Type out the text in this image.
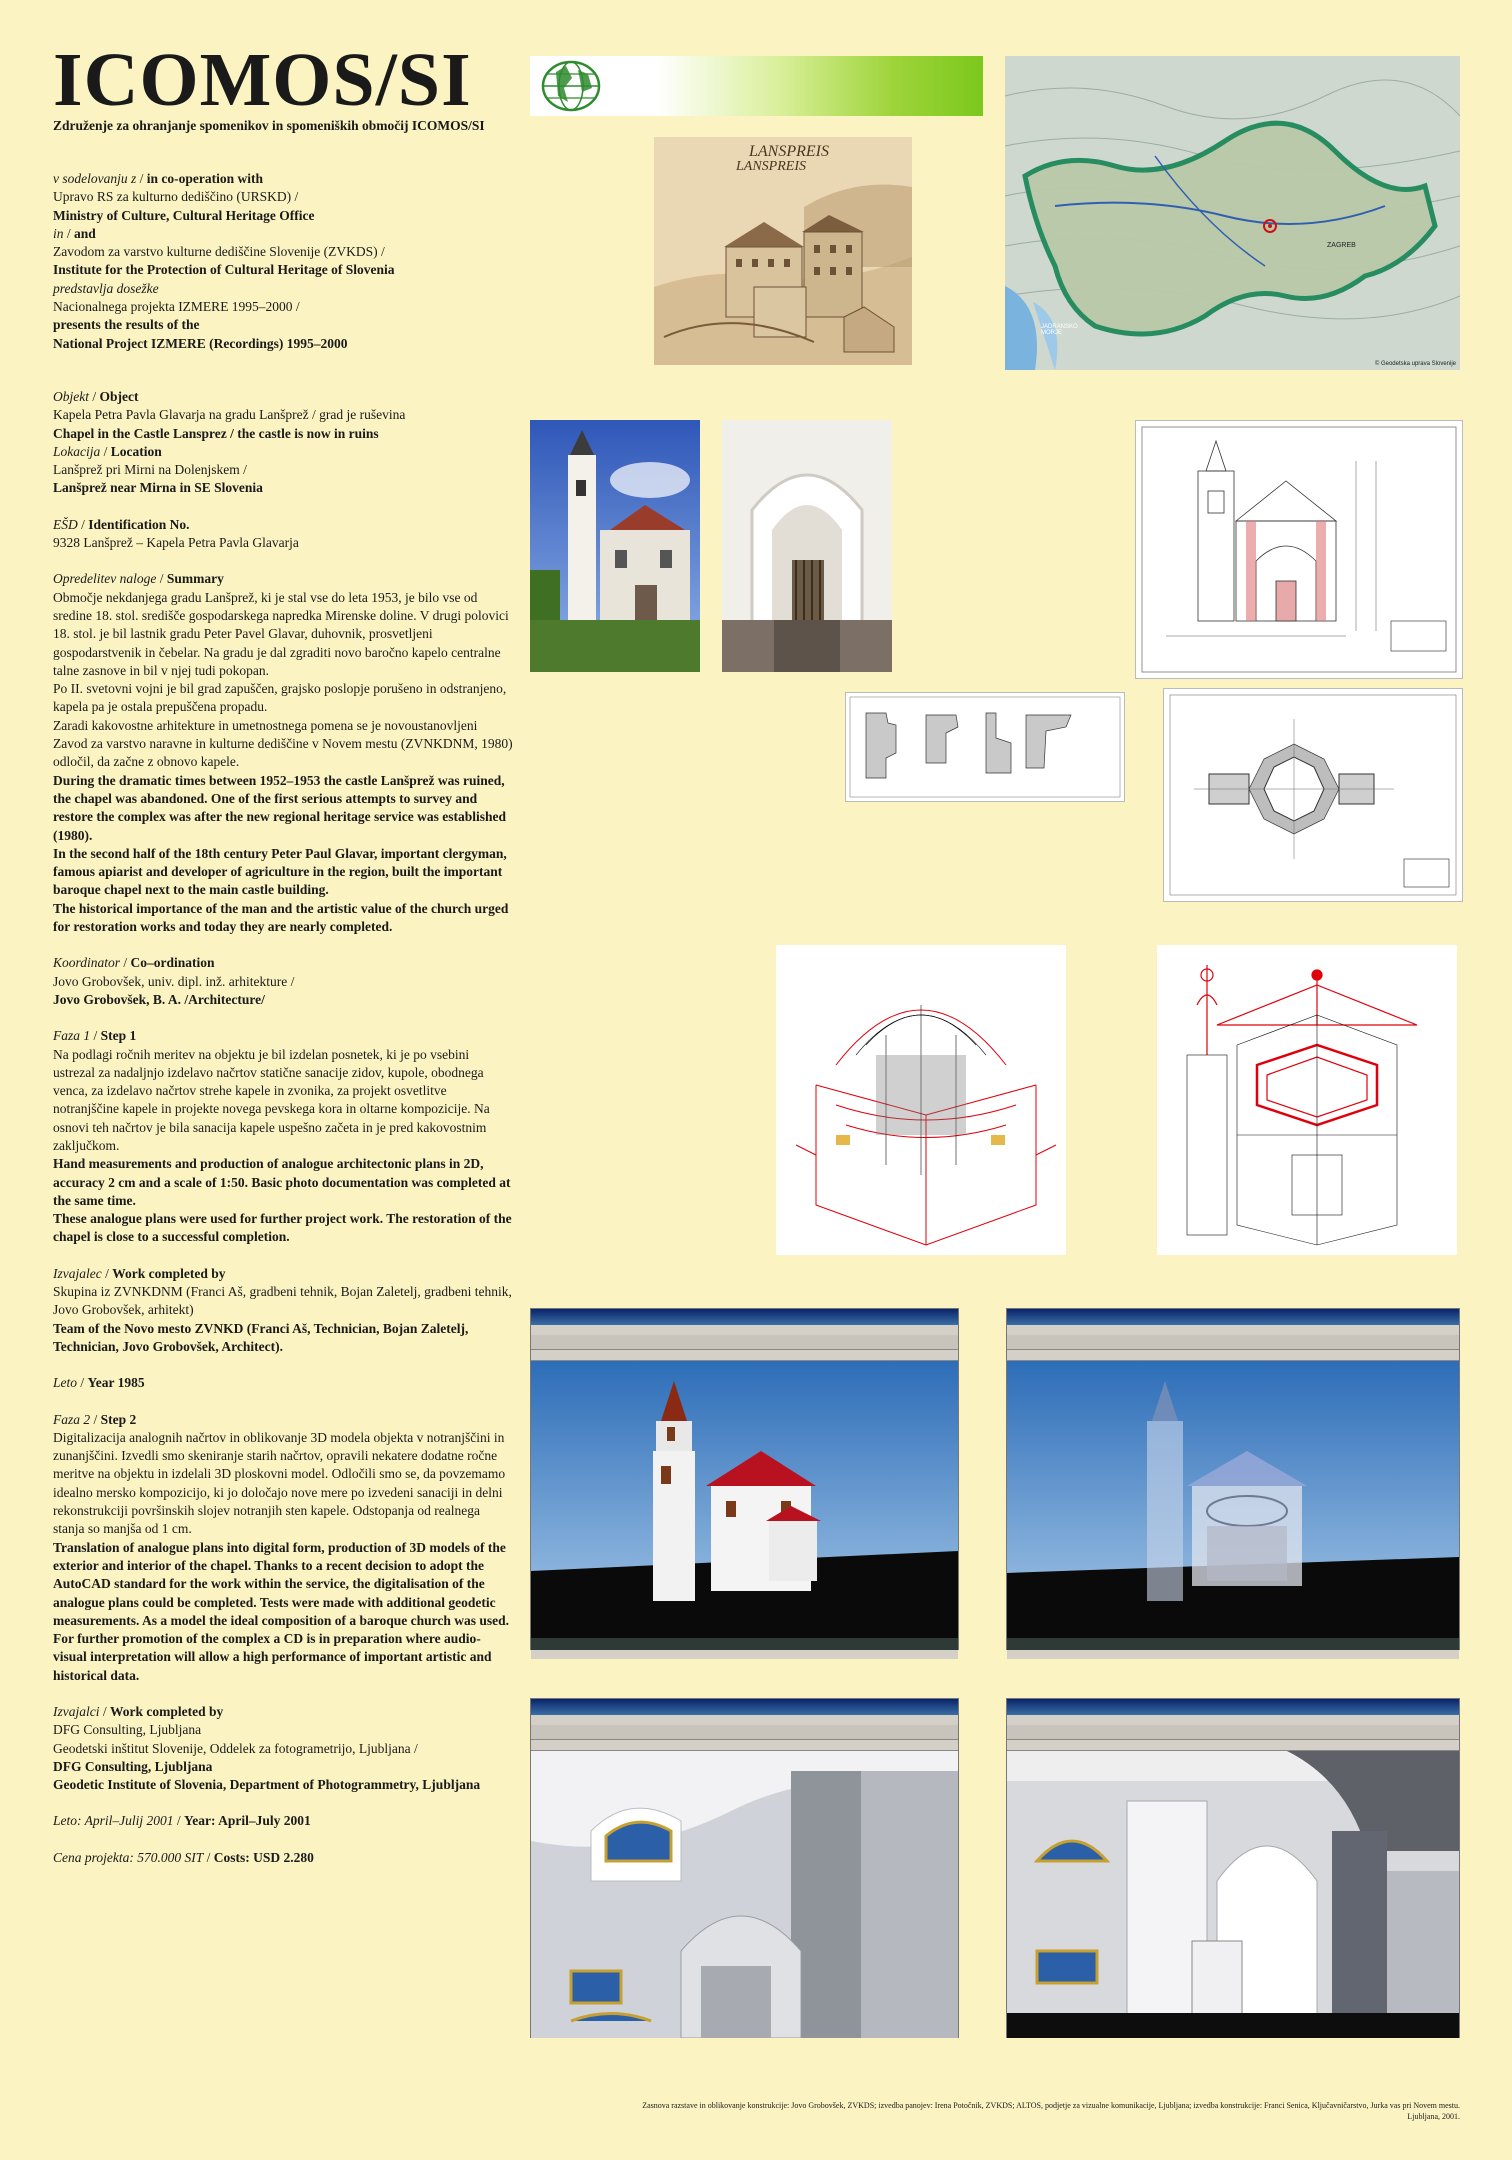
ICOMOS/SI
Združenje za ohranjanje spomenikov in spomeniških območij ICOMOS/SI

v sodelovanju z / in co-operation with

Upravo RS za kulturno dediščino (URSKD) /

Ministry of Culture, Cultural Heritage Office

in / and

Zavodom za varstvo kulturne dediščine Slovenije (ZVKDS) /

Institute for the Protection of Cultural Heritage of Slovenia

predstavlja dosežke

Nacionalnega projekta IZMERE 1995–2000 /

presents the results of the

National Project IZMERE (Recordings) 1995–2000

Objekt / Object

Kapela Petra Pavla Glavarja na gradu Lanšprež / grad je ruševina

Chapel in the Castle Lansprez / the castle is now in ruins

Lokacija / Location

Lanšprež pri Mirni na Dolenjskem /

Lanšprež near Mirna in SE Slovenia

EŠD / Identification No.

9328 Lanšprež – Kapela Petra Pavla Glavarja

Opredelitev naloge / Summary

Območje nekdanjega gradu Lanšprež, ki je stal vse do leta 1953, je bilo vse od sredine 18. stol. središče gospodarskega napredka Mirenske doline. V drugi polovici 18. stol. je bil lastnik gradu Peter Pavel Glavar, duhovnik, prosvetljeni gospodarstvenik in čebelar. Na gradu je dal zgraditi novo baročno kapelo centralne talne zasnove in bil v njej tudi pokopan.

Po II. svetovni vojni je bil grad zapuščen, grajsko poslopje porušeno in odstranjeno, kapela pa je ostala prepuščena propadu.

Zaradi kakovostne arhitekture in umetnostnega pomena se je novoustanovljeni Zavod za varstvo naravne in kulturne dediščine v Novem mestu (ZVNKDNM, 1980) odločil, da začne z obnovo kapele.

During the dramatic times between 1952–1953 the castle Lanšprež was ruined, the chapel was abandoned. One of the first serious attempts to survey and restore the complex was after the new regional heritage service was established (1980).

In the second half of the 18th century Peter Paul Glavar, important clergyman, famous apiarist and developer of agriculture in the region, built the important baroque chapel next to the main castle building.

The historical importance of the man and the artistic value of the church urged for restoration works and today they are nearly completed.

Koordinator / Co–ordination

Jovo Grobovšek, univ. dipl. inž. arhitekture /

Jovo Grobovšek, B. A. /Architecture/

Faza 1 / Step 1

Na podlagi ročnih meritev na objektu je bil izdelan posnetek, ki je po vsebini ustrezal za nadaljnjo izdelavo načrtov statične sanacije zidov, kupole, obodnega venca, za izdelavo načrtov strehe kapele in zvonika, za projekt osvetlitve notranjščine kapele in projekte novega pevskega kora in oltarne kompozicije. Na osnovi teh načrtov je bila sanacija kapele uspešno začeta in je pred kakovostnim zaključkom.

Hand measurements and production of analogue architectonic plans in 2D, accuracy 2 cm and a scale of 1:50. Basic photo documentation was completed at the same time.

These analogue plans were used for further project work. The restoration of the chapel is close to a successful completion.

Izvajalec / Work completed by

Skupina iz ZVNKDNM (Franci Aš, gradbeni tehnik, Bojan Zaletelj, gradbeni tehnik, Jovo Grobovšek, arhitekt)

Team of the Novo mesto ZVNKD (Franci Aš, Technician, Bojan Zaletelj, Technician, Jovo Grobovšek, Architect).

Leto / Year 1985

Faza 2 / Step 2

Digitalizacija analognih načrtov in oblikovanje 3D modela objekta v notranjščini in zunanjščini. Izvedli smo skeniranje starih načrtov, opravili nekatere dodatne ročne meritve na objektu in izdelali 3D ploskovni model. Odločili smo se, da povzemamo idealno mersko kompozicijo, ki jo določajo nove mere po izvedeni sanaciji in delni rekonstrukciji površinskih slojev notranjih sten kapele. Odstopanja od realnega stanja so manjša od 1 cm.

Translation of analogue plans into digital form, production of 3D models of the exterior and interior of the chapel. Thanks to a recent decision to adopt the AutoCAD standard for the work within the service, the digitalisation of the analogue plans could be completed. Tests were made with additional geodetic measurements. As a model the ideal composition of a baroque church was used.

For further promotion of the complex a CD is in preparation where audio-visual interpretation will allow a high performance of important artistic and historical data.

Izvajalci / Work completed by

DFG Consulting, Ljubljana

Geodetski inštitut Slovenije, Oddelek za fotogrametrijo, Ljubljana /

DFG Consulting, Ljubljana

Geodetic Institute of Slovenia, Department of Photogrammetry, Ljubljana

Leto: April–Julij 2001 / Year: April–July 2001

Cena projekta: 570.000 SIT / Costs: USD 2.280

LANSPREIS
LANSPREIS
ZAGREB
JADRANSKO MORJE
© Geodetska uprava Slovenije
Zasnova razstave in oblikovanje konstrukcije: Jovo Grobovšek, ZVKDS; izvedba panojev: Irena Potočnik, ZVKDS; ALTOS, podjetje za vizualne komunikacije, Ljubljana; izvedba konstrukcije: Franci Senica, Ključavničarstvo, Jurka vas pri Novem mestu.
Ljubljana, 2001.
